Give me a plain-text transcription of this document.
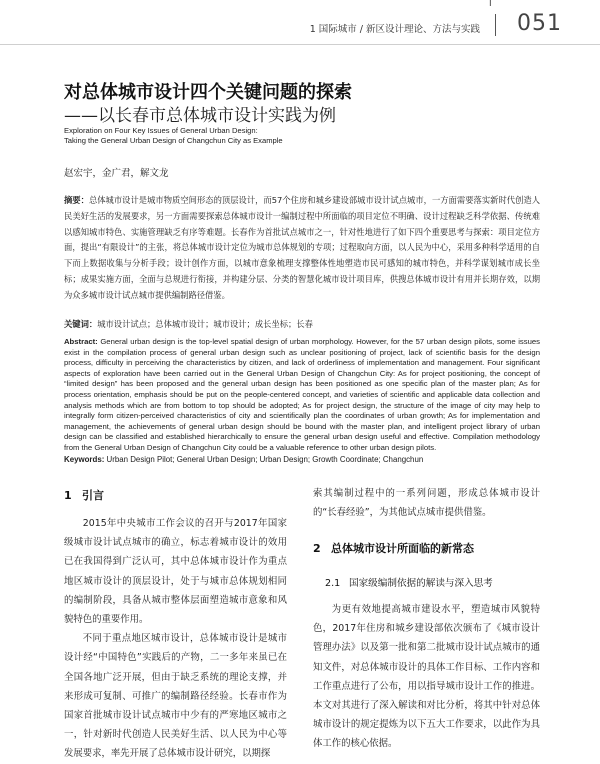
I
1 国际城市 / 新区设计理论、方法与实践 051
对总体城市设计四个关键问题的探索
——以长春市总体城市设计实践为例
Exploration on Four Key Issues of General Urban Design:
Taking the General Urban Design of Changchun City as Example
赵宏宇，金广君，解文龙
摘要：总体城市设计是城市物质空间形态的顶层设计，而57个住房和城乡建设部城市设计试点城市，一方面需要落实新时代创造人民美好生活的发展要求，另一方面需要探索总体城市设计一编制过程中所面临的项目定位不明确、设计过程缺乏科学依据、传统难以感知城市特色、实施管理缺乏有序等难题。长春作为首批试点城市之一，针对性地进行了如下四个重要思考与探索：项目定位方面，提出“有限设计”的主张，将总体城市设计定位为城市总体规划的专项；过程取向方面，以人民为中心，采用多种科学适用的自下而上数据收集与分析手段；设计创作方面，以城市意象梳理支撑整体性地塑造市民可感知的城市特色，并科学谋划城市成长坐标；成果实施方面，全面与总规进行衔接，并构建分层、分类的智慧化城市设计项目库，供搜总体城市设计有用并长期存效，以期为众多城市设计试点城市提供编制路径借鉴。
关键词：城市设计试点；总体城市设计；城市设计；成长坐标；长春
Abstract: General urban design is the top-level spatial design of urban morphology. However, for the 57 urban design pilots, some issues exist in the compilation process of general urban design such as unclear positioning of project, lack of scientific basis for the design process, difficulty in perceiving the characteristics by citizen, and lack of orderliness of implementation and management. Four significant aspects of exploration have been carried out in the General Urban Design of Changchun City: As for project positioning, the concept of “limited design” has been proposed and the general urban design has been positioned as one specific plan of the master plan; As for process orientation, emphasis should be put on the people-centered concept, and varieties of scientific and applicable data collection and analysis methods which are from bottom to top should be adopted; As for project design, the structure of the image of city may help to integrally form citizen-perceived characteristics of city and scientifically plan the coordinates of urban growth; As for implementation and management, the achievements of general urban design should be bound with the master plan, and intelligent project library of urban design can be classified and established hierarchically to ensure the general urban design useful and effective. Compilation methodology from the General Urban Design of Changchun City could be a valuable reference to other urban design pilots.
Keywords: Urban Design Pilot; General Urban Design; Urban Design; Growth Coordinate; Changchun
1 引言

2015年中央城市工作会议的召开与2017年国家级城市设计试点城市的确立，标志着城市设计的效用已在我国得到广泛认可，其中总体城市设计作为重点地区城市设计的顶层设计，处于与城市总体规划相同的编制阶段，具备从城市整体层面塑造城市意象和风貌特色的重要作用。

不同于重点地区城市设计，总体城市设计是城市设计经“中国特色”实践后的产物，二一多年来虽已在全国各地广泛开展，但由于缺乏系统的理论支撑，并来形成可复制、可推广的编制路径经验。长春市作为国家首批城市设计试点城市中少有的严寒地区城市之一，针对新时代创造人民美好生活、以人民为中心等发展要求，率先开展了总体城市设计研究，以期探

索其编制过程中的一系列问题，形成总体城市设计的“长春经验”，为其他试点城市提供借鉴。

2 总体城市设计所面临的新常态
2.1 国家级编制依据的解读与深入思考

为更有效地提高城市建设水平，塑造城市风貌特色，2017年住房和城乡建设部依次颁布了《城市设计管理办法》以及第一批和第二批城市设计试点城市的通知文件，对总体城市设计的具体工作目标、工作内容和工作重点进行了公布，用以指导城市设计工作的推进。本文对其进行了深入解读和对比分析，将其中针对总体城市设计的规定提炼为以下五大工作要求，以此作为具体工作的核心依据。
